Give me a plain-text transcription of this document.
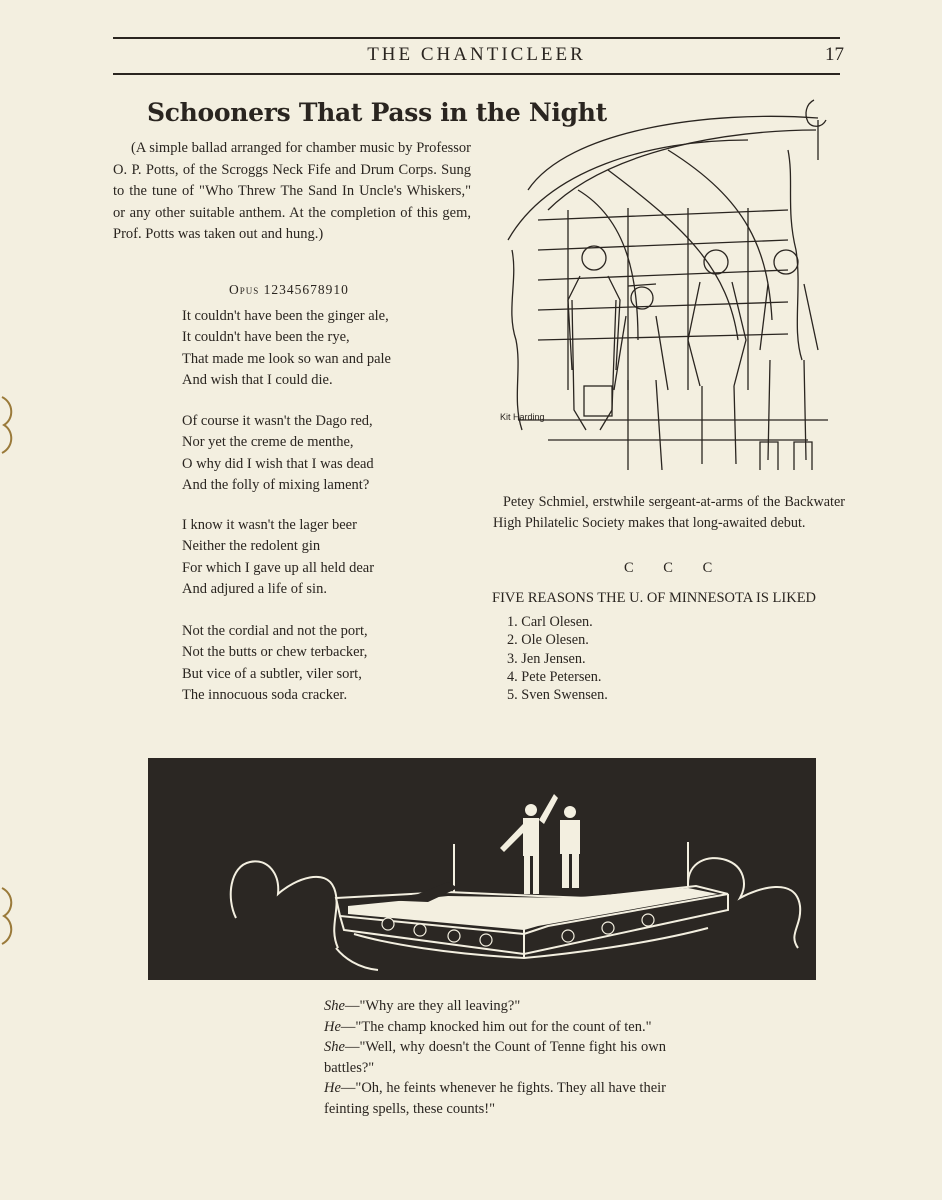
THE CHANTICLEER	17
Schooners That Pass in the Night
(A simple ballad arranged for chamber music by Professor O. P. Potts, of the Scroggs Neck Fife and Drum Corps. Sung to the tune of "Who Threw The Sand In Uncle's Whiskers," or any other suitable anthem. At the completion of this gem, Prof. Potts was taken out and hung.)
Opus 12345678910
It couldn't have been the ginger ale,
It couldn't have been the rye,
That made me look so wan and pale
And wish that I could die.
Of course it wasn't the Dago red,
Nor yet the creme de menthe,
O why did I wish that I was dead
And the folly of mixing lament?
I know it wasn't the lager beer
Neither the redolent gin
For which I gave up all held dear
And adjured a life of sin.
Not the cordial and not the port,
Not the butts or chew terbacker,
But vice of a subtler, viler sort,
The innocuous soda cracker.
Kit Harding
Petey Schmiel, erstwhile sergeant-at-arms of the Backwater High Philatelic Society makes that long-awaited debut.
C C C
FIVE REASONS THE U. OF MINNESOTA IS LIKED
1. Carl Olesen.
2. Ole Olesen.
3. Jen Jensen.
4. Pete Petersen.
5. Sven Swensen.

She—"Why are they all leaving?"

He—"The champ knocked him out for the count of ten."

She—"Well, why doesn't the Count of Tenne fight his own battles?"

He—"Oh, he feints whenever he fights. They all have their feinting spells, these counts!"
